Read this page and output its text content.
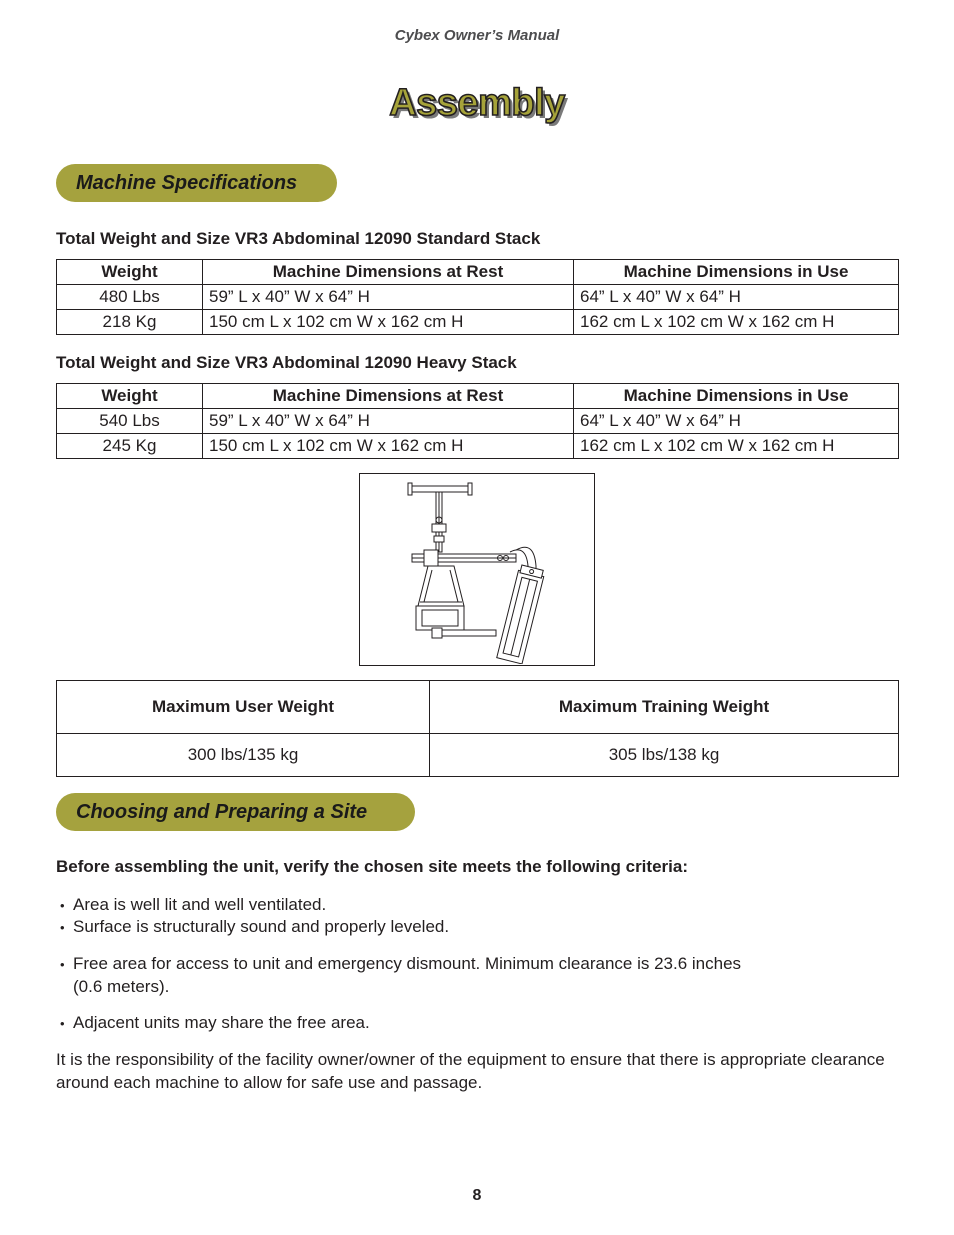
Cybex Owner’s Manual
Assembly
Machine Specifications
Total Weight and Size VR3 Abdominal 12090 Standard Stack
Weight	Machine Dimensions at Rest	Machine Dimensions in Use
480 Lbs	59” L x 40” W x 64” H	64” L x 40” W x 64” H
218 Kg	150 cm L x 102 cm W x 162 cm H	162 cm L x 102 cm W x 162 cm H
Total Weight and Size VR3 Abdominal 12090 Heavy Stack
Weight	Machine Dimensions at Rest	Machine Dimensions in Use
540 Lbs	59” L x 40” W x 64” H	64” L x 40” W x 64” H
245 Kg	150 cm L x 102 cm W x 162 cm H	162 cm L x 102 cm W x 162 cm H
Maximum User Weight	Maximum Training Weight
300 lbs/135 kg	305 lbs/138 kg
Choosing and Preparing a Site
Before assembling the unit, verify the chosen site meets the following criteria:
• Area is well lit and well ventilated.
• Surface is structurally sound and properly leveled.
• Free area for access to unit and emergency dismount. Minimum clearance is 23.6 inches
(0.6 meters).
• Adjacent units may share the free area.
It is the responsibility of the facility owner/owner of the equipment to ensure that there is appropriate clearance around each machine to allow for safe use and passage.
8
